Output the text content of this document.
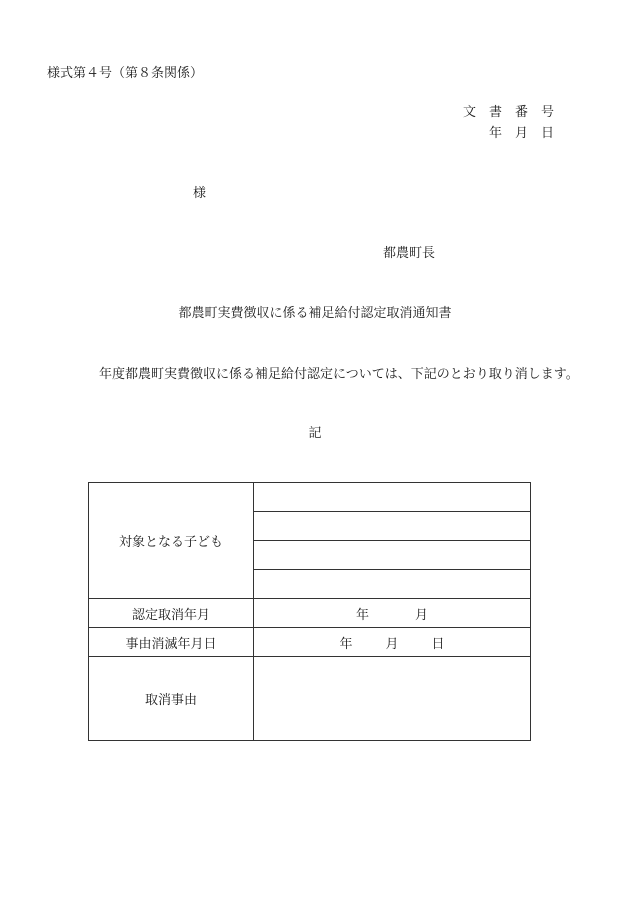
様式第４号（第８条関係）
文　書　番　号
年　月　日
様
都農町長
都農町実費徴収に係る補足給付認定取消通知書
年度都農町実費徴収に係る補足給付認定については、下記のとおり取り消します。
記
対象となる子ども	

認定取消年月	年 月
事由消滅年月日	年 月 日
取消事由	
